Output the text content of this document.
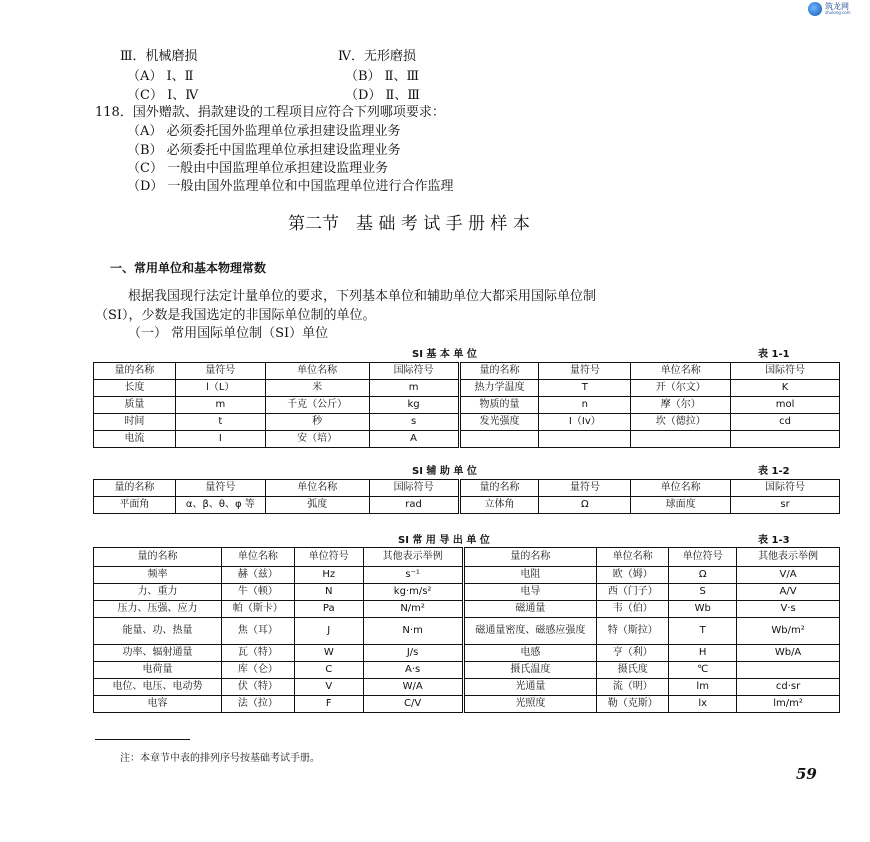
筑龙网
zhulong.com
Ⅲ．机械磨损	Ⅳ．无形磨损
（A） Ⅰ、Ⅱ	（B） Ⅱ、Ⅲ
（C） Ⅰ、Ⅳ	（D） Ⅱ、Ⅲ
118．国外赠款、捐款建设的工程项目应符合下列哪项要求：
（A） 必须委托国外监理单位承担建设监理业务
（B） 必须委托中国监理单位承担建设监理业务
（C） 一般由中国监理单位承担建设监理业务
（D） 一般由国外监理单位和中国监理单位进行合作监理
第二节　基 础 考 试 手 册 样 本
一、常用单位和基本物理常数
根据我国现行法定计量单位的要求，下列基本单位和辅助单位大都采用国际单位制
（SI），少数是我国选定的非国际单位制的单位。
（一） 常用国际单位制（SI）单位
SI 基 本 单 位	表 1-1
量的名称	量符号	单位名称	国际符号	量的名称	量符号	单位名称	国际符号
长度	l（L）	米	m	热力学温度	T	开（尔文）	K
质量	m	千克（公斤）	kg	物质的量	n	摩（尔）	mol
时间	t	秒	s	发光强度	I（Iv）	坎（德拉）	cd
电流	I	安（培）	A				
SI 辅 助 单 位	表 1-2
量的名称	量符号	单位名称	国际符号	量的名称	量符号	单位名称	国际符号
平面角	α、β、θ、φ 等	弧度	rad	立体角	Ω	球面度	sr
SI 常 用 导 出 单 位	表 1-3
量的名称	单位名称	单位符号	其他表示举例	量的名称	单位名称	单位符号	其他表示举例
频率	赫（兹）	Hz	s⁻¹	电阻	欧（姆）	Ω	V/A
力、重力	牛（顿）	N	kg·m/s²	电导	西（门子）	S	A/V
压力、压强、应力	帕（斯卡）	Pa	N/m²	磁通量	韦（伯）	Wb	V·s
能量、功、热量	焦（耳）	J	N·m	磁通量密度、磁感应强度	特（斯拉）	T	Wb/m²
功率、辐射通量	瓦（特）	W	J/s	电感	亨（利）	H	Wb/A
电荷量	库（仑）	C	A·s	摄氏温度	摄氏度	℃	
电位、电压、电动势	伏（特）	V	W/A	光通量	流（明）	lm	cd·sr
电容	法（拉）	F	C/V	光照度	勒（克斯）	lx	lm/m²
注：本章节中表的排列序号按基础考试手册。
59
